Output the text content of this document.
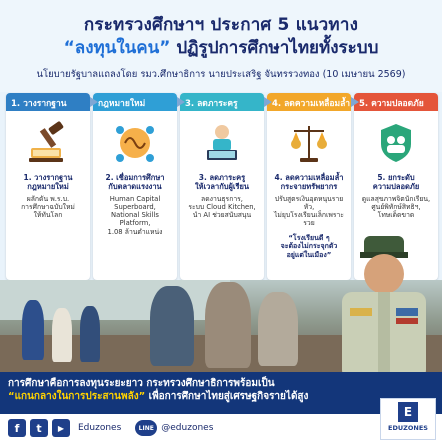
กระทรวงศึกษาฯ ประกาศ 5 แนวทาง
“ลงทุนในคน” ปฏิรูปการศึกษาไทยทั้งระบบ
นโยบายรัฐบาลแถลงโดย รมว.ศึกษาธิการ นายประเสริฐ จันทรรวงทอง (10 เมษายน 2569)
1. วางรากฐาน
1. วางรากฐาน
กฎหมายใหม่
ผลักดัน พ.ร.บ.
การศึกษาฉบับใหม่
ให้ทันโลก
กฎหมายใหม่
2. เชื่อมการศึกษา
กับตลาดแรงงาน
Human Capital
Superboard,
National Skills Platform,
1.08 ล้านตำแหน่ง
3. ลดภาระครู
3. ลดภาระครู
ให้เวลากับผู้เรียน
ลดงานธุรการ,
ระบบ Cloud Kitchen,
นำ AI ช่วยสนับสนุน
4. ลดความเหลื่อมล้ำ
4. ลดความเหลื่อมล้ำ
กระจายทรัพยากร
ปรับสูตรเงินอุดหนุนรายหัว,
ไม่ยุบโรงเรียนเล็กเพราะรวย
“โรงเรียนดี ๆ
จะต้องไม่กระจุกตัว
อยู่แต่ในเมือง”
5. ความปลอดภัย
5. ยกระดับ
ความปลอดภัย
ดูแลสุขภาพจิตนักเรียน,
ศูนย์พิทักษ์สิทธิฯ,
โทษเด็ดขาด
การศึกษาคือการลงทุนระยะยาว กระทรวงศึกษาธิการพร้อมเป็น
“แกนกลางในการประสานพลัง” เพื่อการศึกษาไทยสู่เศรษฐกิจรายได้สูง
f	t	▶	Eduzones	LINE @eduzones
E
EDUZONES
